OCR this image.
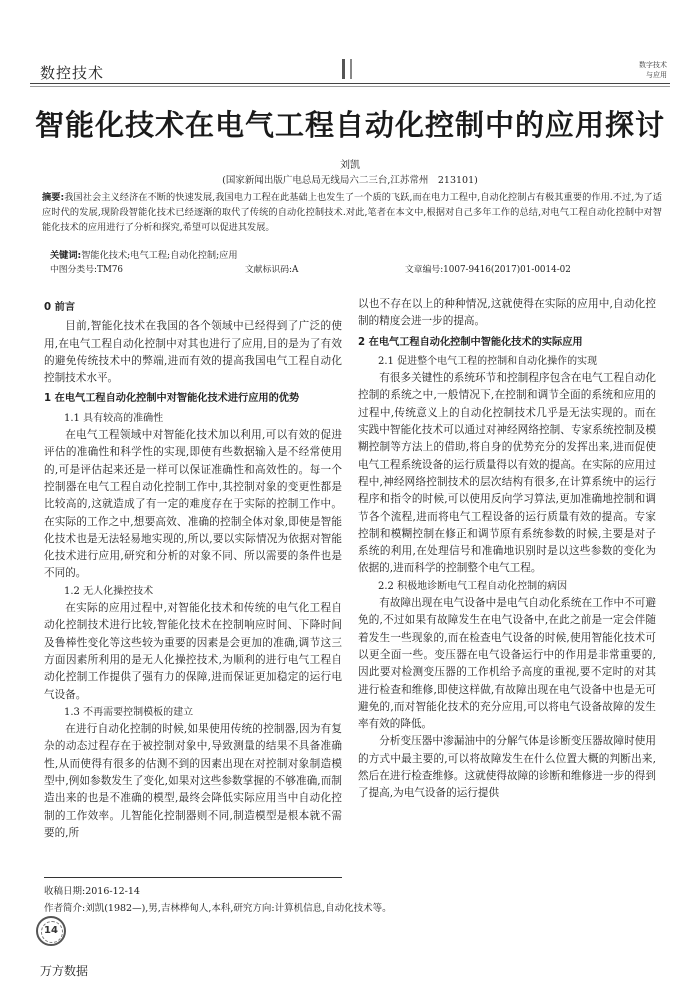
数控技术	数字技术
与应用
智能化技术在电气工程自动化控制中的应用探讨
刘凯
(国家新闻出版广电总局无线局六二三台,江苏常州　213101)
摘要:我国社会主义经济在不断的快速发展,我国电力工程在此基础上也发生了一个质的飞跃,而在电力工程中,自动化控制占有极其重要的作用.不过,为了适应时代的发展,现阶段智能化技术已经逐渐的取代了传统的自动化控制技术.对此,笔者在本文中,根据对自己多年工作的总结,对电气工程自动化控制中对智能化技术的应用进行了分析和探究,希望可以促进其发展。
关键词:智能化技术;电气工程;自动化控制;应用
中图分类号:TM76	文献标识码:A	文章编号:1007-9416(2017)01-0014-02

0 前言

目前,智能化技术在我国的各个领域中已经得到了广泛的使用,在电气工程自动化控制中对其也进行了应用,目的是为了有效的避免传统技术中的弊端,进而有效的提高我国电气工程自动化控制技术水平。

1 在电气工程自动化控制中对智能化技术进行应用的优势

1.1 具有较高的准确性

在电气工程领域中对智能化技术加以利用,可以有效的促进评估的准确性和科学性的实现,即使有些数据输入是不经常使用的,可是评估起来还是一样可以保证准确性和高效性的。每一个控制器在电气工程自动化控制工作中,其控制对象的变更性都是比较高的,这就造成了有一定的难度存在于实际的控制工作中。在实际的工作之中,想要高效、准确的控制全体对象,即使是智能化技术也是无法轻易地实现的,所以,要以实际情况为依据对智能化技术进行应用,研究和分析的对象不同、所以需要的条件也是不同的。

1.2 无人化操控技术

在实际的应用过程中,对智能化技术和传统的电气化工程自动化控制技术进行比较,智能化技术在控制响应时间、下降时间及鲁棒性变化等这些较为重要的因素是会更加的准确,调节这三方面因素所利用的是无人化操控技术,为顺利的进行电气工程自动化控制工作提供了强有力的保障,进而保证更加稳定的运行电气设备。

1.3 不再需要控制模板的建立

在进行自动化控制的时候,如果使用传统的控制器,因为有复杂的动态过程存在于被控制对象中,导致测量的结果不具备准确性,从而使得有很多的估测不到的因素出现在对控制对象制造模型中,例如参数发生了变化,如果对这些参数掌握的不够准确,而制造出来的也是不准确的模型,最终会降低实际应用当中自动化控制的工作效率。儿智能化控制器则不同,制造模型是根本就不需要的,所

以也不存在以上的种种情况,这就使得在实际的应用中,自动化控制的精度会进一步的提高。

2 在电气工程自动化控制中智能化技术的实际应用

2.1 促进整个电气工程的控制和自动化操作的实现

有很多关键性的系统环节和控制程序包含在电气工程自动化控制的系统之中,一般情况下,在控制和调节全面的系统和应用的过程中,传统意义上的自动化控制技术几乎是无法实现的。而在实践中智能化技术可以通过对神经网络控制、专家系统控制及模糊控制等方法上的借助,将自身的优势充分的发挥出来,进而促使电气工程系统设备的运行质量得以有效的提高。在实际的应用过程中,神经网络控制技术的层次结构有很多,在计算系统中的运行程序和指令的时候,可以使用反向学习算法,更加准确地控制和调节各个流程,进而将电气工程设备的运行质量有效的提高。专家控制和模糊控制在修正和调节原有系统参数的时候,主要是对子系统的利用,在处理信号和准确地识别时是以这些参数的变化为依据的,进而科学的控制整个电气工程。

2.2 积极地诊断电气工程自动化控制的病因

有故障出现在电气设备中是电气自动化系统在工作中不可避免的,不过如果有故障发生在电气设备中,在此之前是一定会伴随着发生一些现象的,而在检查电气设备的时候,使用智能化技术可以更全面一些。变压器在电气设备运行中的作用是非常重要的,因此要对检测变压器的工作机给予高度的重视,要不定时的对其进行检查和维修,即使这样做,有故障出现在电气设备中也是无可避免的,而对智能化技术的充分应用,可以将电气设备故障的发生率有效的降低。

分析变压器中渗漏油中的分解气体是诊断变压器故障时使用的方式中最主要的,可以将故障发生在什么位置大概的判断出来,然后在进行检查维修。这就使得故障的诊断和维修进一步的得到了提高,为电气设备的运行提供

收稿日期:2016-12-14
作者简介:刘凯(1982—),男,吉林桦甸人,本科,研究方向:计算机信息,自动化技术等。
14
万方数据
